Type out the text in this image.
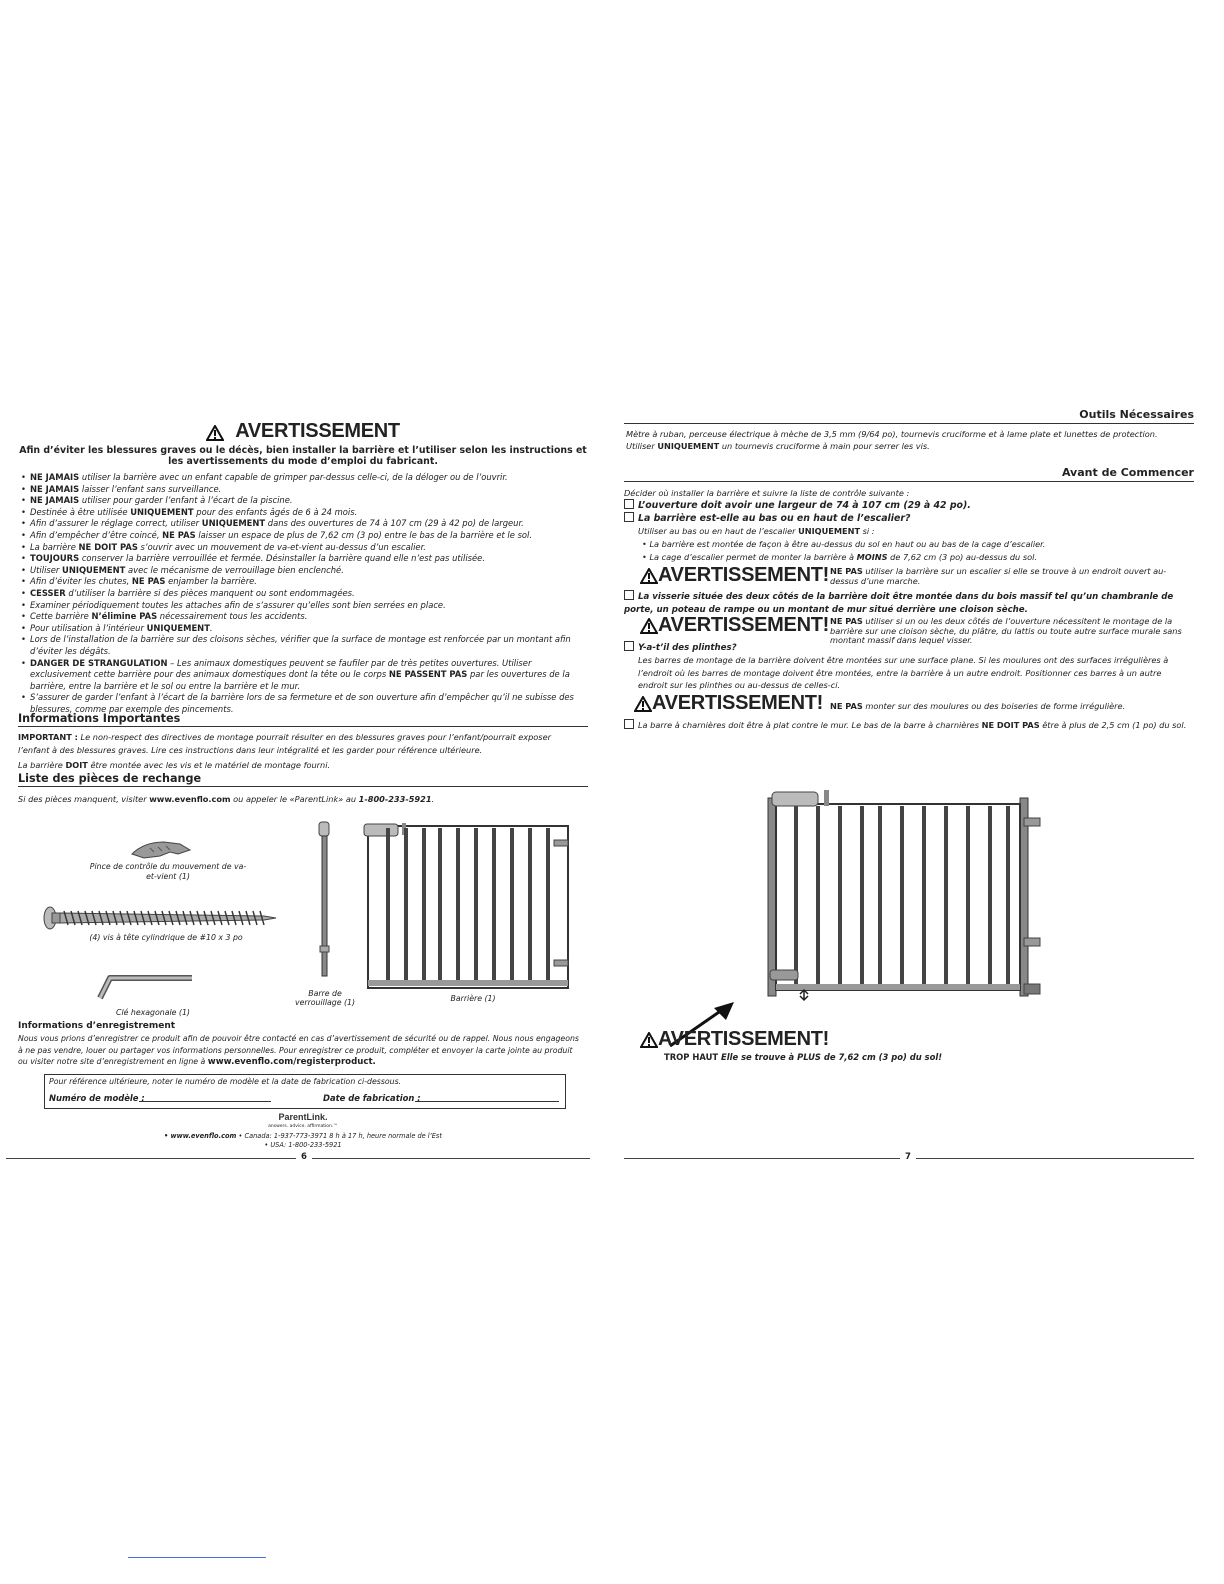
AVERTISSEMENT
Afin d’éviter les blessures graves ou le décès, bien installer la barrière et l’utiliser selon les instructions et les avertissements du mode d’emploi du fabricant.
• NE JAMAIS utiliser la barrière avec un enfant capable de grimper par-dessus celle-ci, de la déloger ou de l’ouvrir.
• NE JAMAIS laisser l’enfant sans surveillance.
• NE JAMAIS utiliser pour garder l’enfant à l’écart de la piscine.
• Destinée à être utilisée UNIQUEMENT pour des enfants âgés de 6 à 24 mois.
• Afin d’assurer le réglage correct, utiliser UNIQUEMENT dans des ouvertures de 74 à 107 cm (29 à 42 po) de largeur.
• Afin d’empêcher d’être coincé, NE PAS laisser un espace de plus de 7,62 cm (3 po) entre le bas de la barrière et le sol.
• La barrière NE DOIT PAS s’ouvrir avec un mouvement de va-et-vient au-dessus d’un escalier.
• TOUJOURS conserver la barrière verrouillée et fermée. Désinstaller la barrière quand elle n’est pas utilisée.
• Utiliser UNIQUEMENT avec le mécanisme de verrouillage bien enclenché.
• Afin d’éviter les chutes, NE PAS enjamber la barrière.
• CESSER d’utiliser la barrière si des pièces manquent ou sont endommagées.
• Examiner périodiquement toutes les attaches afin de s’assurer qu’elles sont bien serrées en place.
• Cette barrière N’élimine PAS nécessairement tous les accidents.
• Pour utilisation à l’intérieur UNIQUEMENT.
• Lors de l’installation de la barrière sur des cloisons sèches, vérifier que la surface de montage est renforcée par un montant afin d’éviter les dégâts.
• DANGER DE STRANGULATION – Les animaux domestiques peuvent se faufiler par de très petites ouvertures. Utiliser exclusivement cette barrière pour des animaux domestiques dont la tête ou le corps NE PASSENT PAS par les ouvertures de la barrière, entre la barrière et le sol ou entre la barrière et le mur.
• S’assurer de garder l’enfant à l’écart de la barrière lors de sa fermeture et de son ouverture afin d’empêcher qu’il ne subisse des blessures, comme par exemple des pincements.
Informations Importantes
IMPORTANT : Le non-respect des directives de montage pourrait résulter en des blessures graves pour l’enfant/pourrait exposer l’enfant à des blessures graves. Lire ces instructions dans leur intégralité et les garder pour référence ultérieure.
La barrière DOIT être montée avec les vis et le matériel de montage fourni.
Liste des pièces de rechange
Si des pièces manquent, visiter www.evenflo.com ou appeler le «ParentLink» au 1-800-233-5921.
Pince de contrôle du mouvement de va-et-vient (1)
(4) vis à tête cylindrique de #10 x 3 po
Clé hexagonale (1)
Barre de verrouillage (1)	Barrière (1)
Informations d’enregistrement
Nous vous prions d’enregistrer ce produit afin de pouvoir être contacté en cas d’avertissement de sécurité ou de rappel. Nous nous engageons à ne pas vendre, louer ou partager vos informations personnelles. Pour enregistrer ce produit, compléter et envoyer la carte jointe au produit ou visiter notre site d’enregistrement en ligne à www.evenflo.com/registerproduct.
Pour référence ultérieure, noter le numéro de modèle et la date de fabrication ci-dessous.
Numéro de modèle :	Date de fabrication :
ParentLink.
answers. advice. affirmation.™
• www.evenflo.com • Canada: 1-937-773-3971 8 h à 17 h, heure normale de l’Est
• USA: 1-800-233-5921
6
Outils Nécessaires
Mètre à ruban, perceuse électrique à mèche de 3,5 mm (9/64 po), tournevis cruciforme et à lame plate et lunettes de protection.
Utiliser UNIQUEMENT un tournevis cruciforme à main pour serrer les vis.
Avant de Commencer
Décider où installer la barrière et suivre la liste de contrôle suivante :
L’ouverture doit avoir une largeur de 74 à 107 cm (29 à 42 po).
La barrière est-elle au bas ou en haut de l’escalier?
Utiliser au bas ou en haut de l’escalier UNIQUEMENT si :
• La barrière est montée de façon à être au-dessus du sol en haut ou au bas de la cage d’escalier.
• La cage d’escalier permet de monter la barrière à MOINS de 7,62 cm (3 po) au-dessus du sol.
AVERTISSEMENT! NE PAS utiliser la barrière sur un escalier si elle se trouve à un endroit ouvert au-dessus d’une marche.
La visserie située des deux côtés de la barrière doit être montée dans du bois massif tel qu’un chambranle de porte, un poteau de rampe ou un montant de mur situé derrière une cloison sèche.
AVERTISSEMENT! NE PAS utiliser si un ou les deux côtés de l’ouverture nécessitent le montage de la barrière sur une cloison sèche, du plâtre, du lattis ou toute autre surface murale sans montant massif dans lequel visser.
Y-a-t’il des plinthes?
Les barres de montage de la barrière doivent être montées sur une surface plane. Si les moulures ont des surfaces irrégulières à l’endroit où les barres de montage doivent être montées, entre la barrière à un autre endroit. Positionner ces barres à un autre endroit sur les plinthes ou au-dessus de celles-ci.
AVERTISSEMENT! NE PAS monter sur des moulures ou des boiseries de forme irrégulière.
La barre à charnières doit être à plat contre le mur. Le bas de la barre à charnières NE DOIT PAS être à plus de 2,5 cm (1 po) du sol.
AVERTISSEMENT!
TROP HAUT Elle se trouve à PLUS de 7,62 cm (3 po) du sol!
7
